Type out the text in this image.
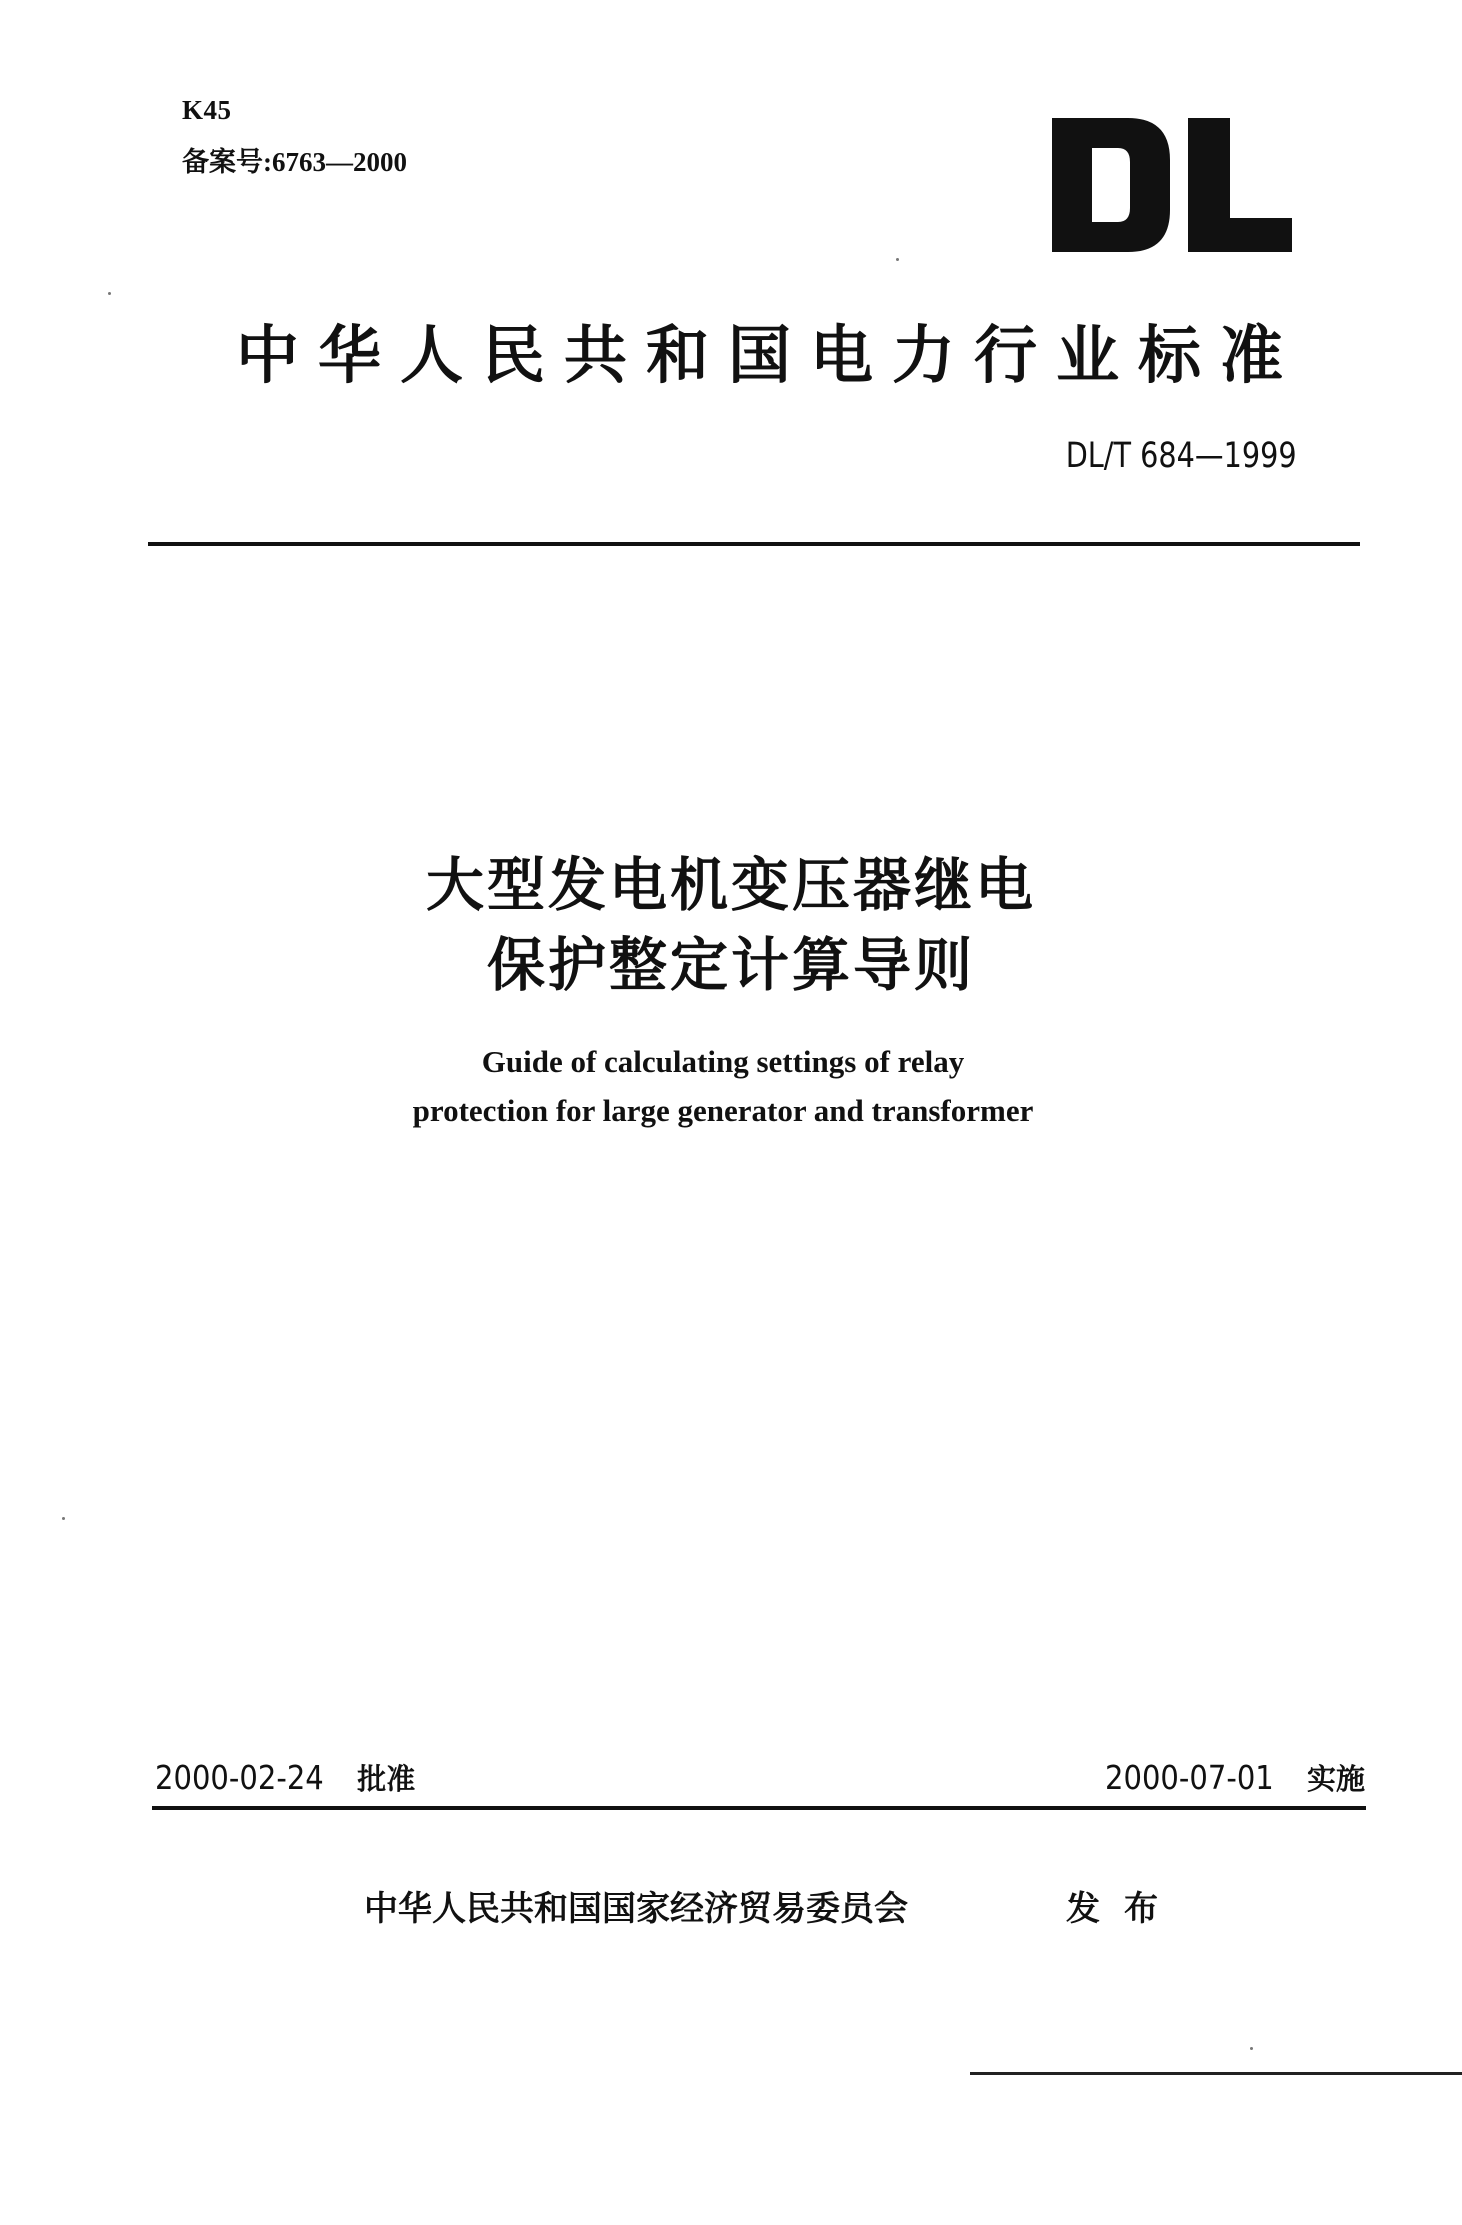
K45
备案号:6763—2000
中华人民共和国电力行业标准
DL/T 684—1999
大型发电机变压器继电
保护整定计算导则
Guide of calculating settings of relay
protection for large generator and transformer
2000-02-24 批准	2000-07-01 实施
中华人民共和国国家经济贸易委员会	发布
